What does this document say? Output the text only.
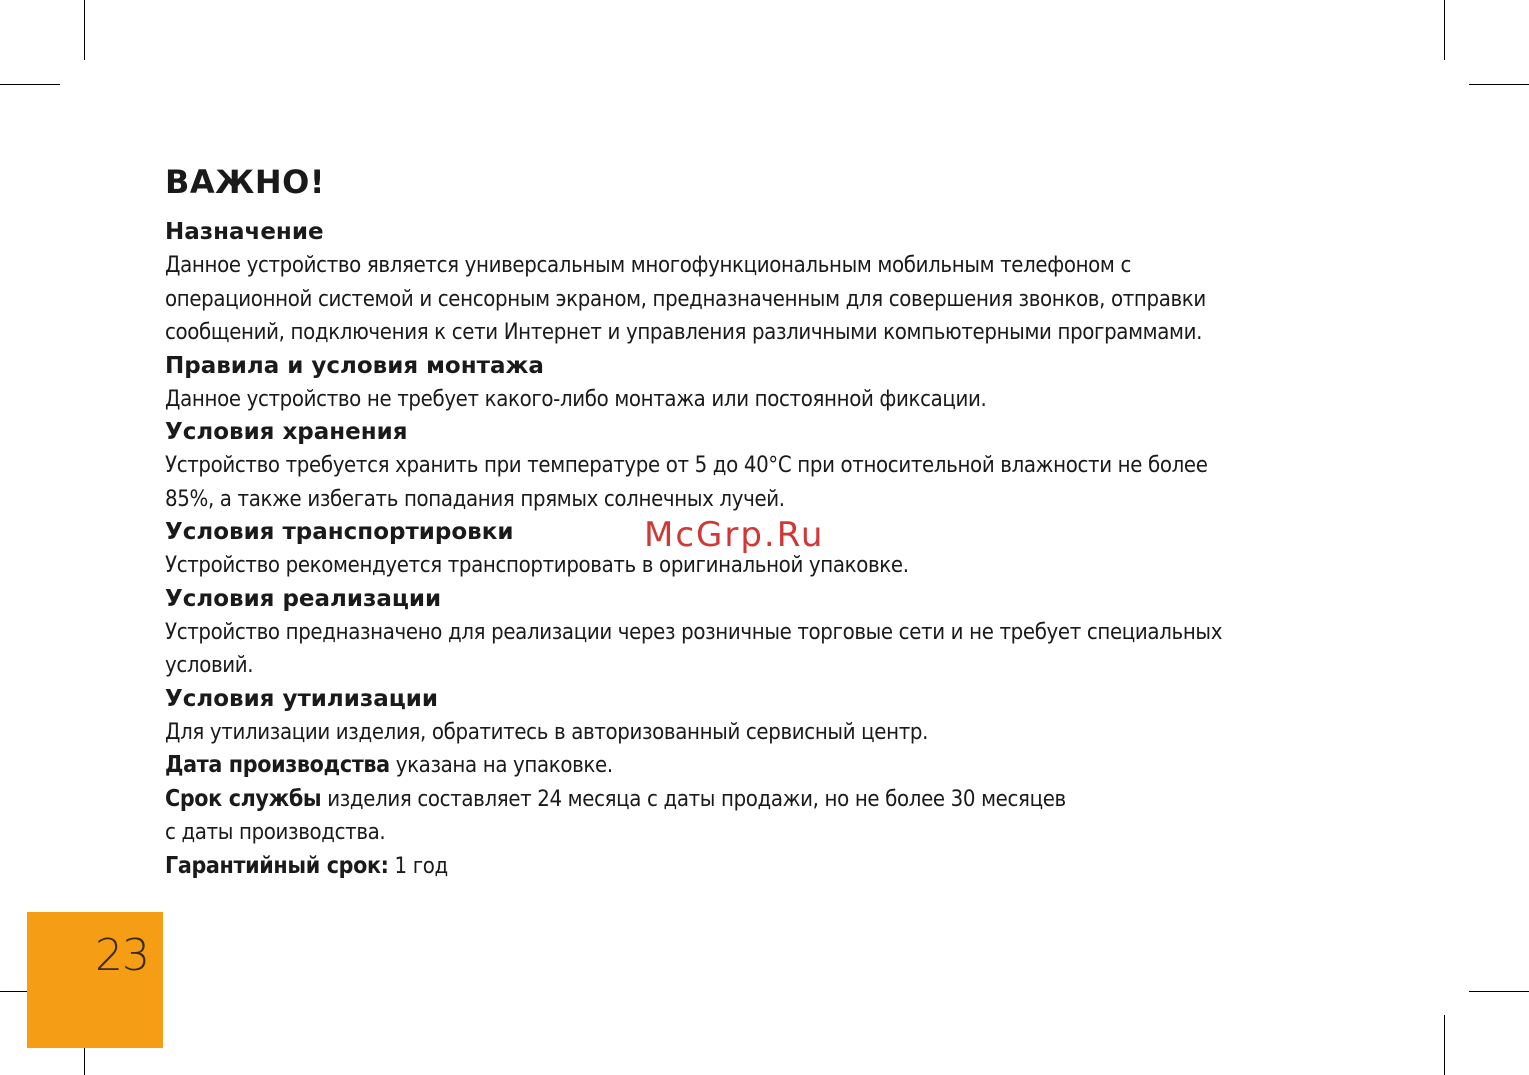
ВАЖНО!

Назначение

Данное устройство является универсальным многофункциональным мобильным телефоном с

операционной системой и сенсорным экраном, предназначенным для совершения звонков, отправки

сообщений, подключения к сети Интернет и управления различными компьютерными программами.

Правила и условия монтажа

Данное устройство не требует какого-либо монтажа или постоянной фиксации.

Условия хранения

Устройство требуется хранить при температуре от 5 до 40°С при относительной влажности не более

85%, а также избегать попадания прямых солнечных лучей.

Условия транспортировки

Устройство рекомендуется транспортировать в оригинальной упаковке.

Условия реализации

Устройство предназначено для реализации через розничные торговые сети и не требует специальных

условий.

Условия утилизации

Для утилизации изделия, обратитесь в авторизованный сервисный центр.

Дата производства указана на упаковке.

Срок службы изделия составляет 24 месяца с даты продажи, но не более 30 месяцев

с даты производства.

Гарантийный срок: 1 год

McGrp.Ru
23
